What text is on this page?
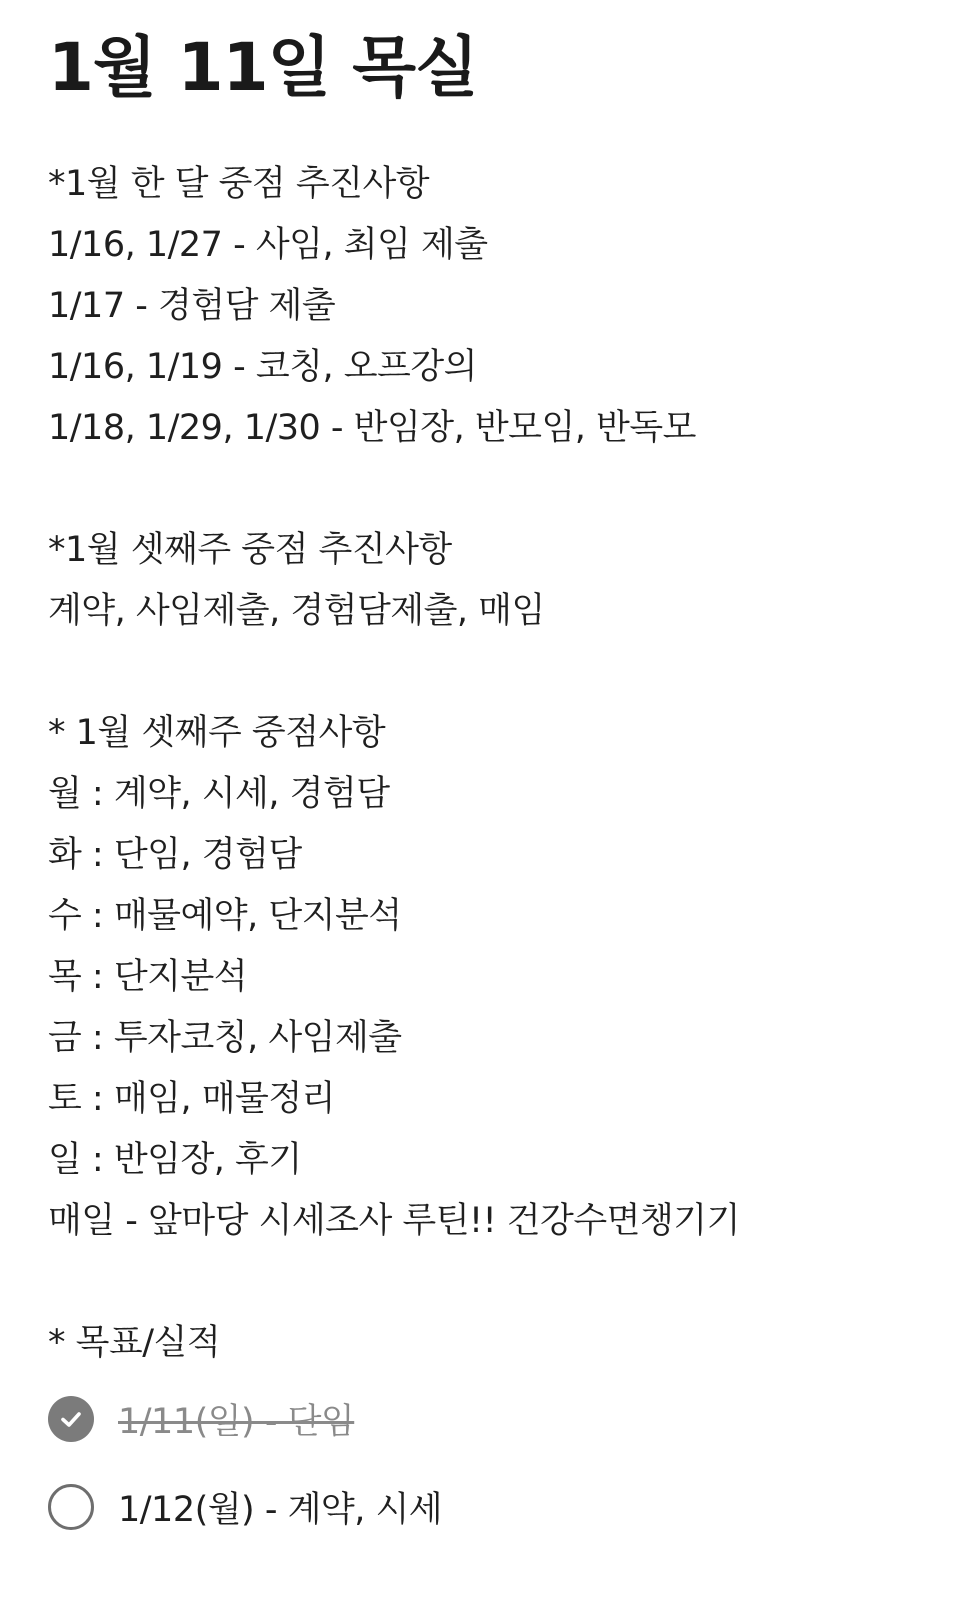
1월 11일 목실
*1월 한 달 중점 추진사항
1/16, 1/27 - 사임, 최임 제출
1/17 - 경험담 제출
1/16, 1/19 - 코칭, 오프강의
1/18, 1/29, 1/30 - 반임장, 반모임, 반독모
*1월 셋째주 중점 추진사항
계약, 사임제출, 경험담제출, 매임
* 1월 셋째주 중점사항
월 : 계약, 시세, 경험담
화 : 단임, 경험담
수 : 매물예약, 단지분석
목 : 단지분석
금 : 투자코칭, 사임제출
토 : 매임, 매물정리
일 : 반임장, 후기
매일 - 앞마당 시세조사 루틴!! 건강수면챙기기
* 목표/실적
1/11(일) - 단임
1/12(월) - 계약, 시세
